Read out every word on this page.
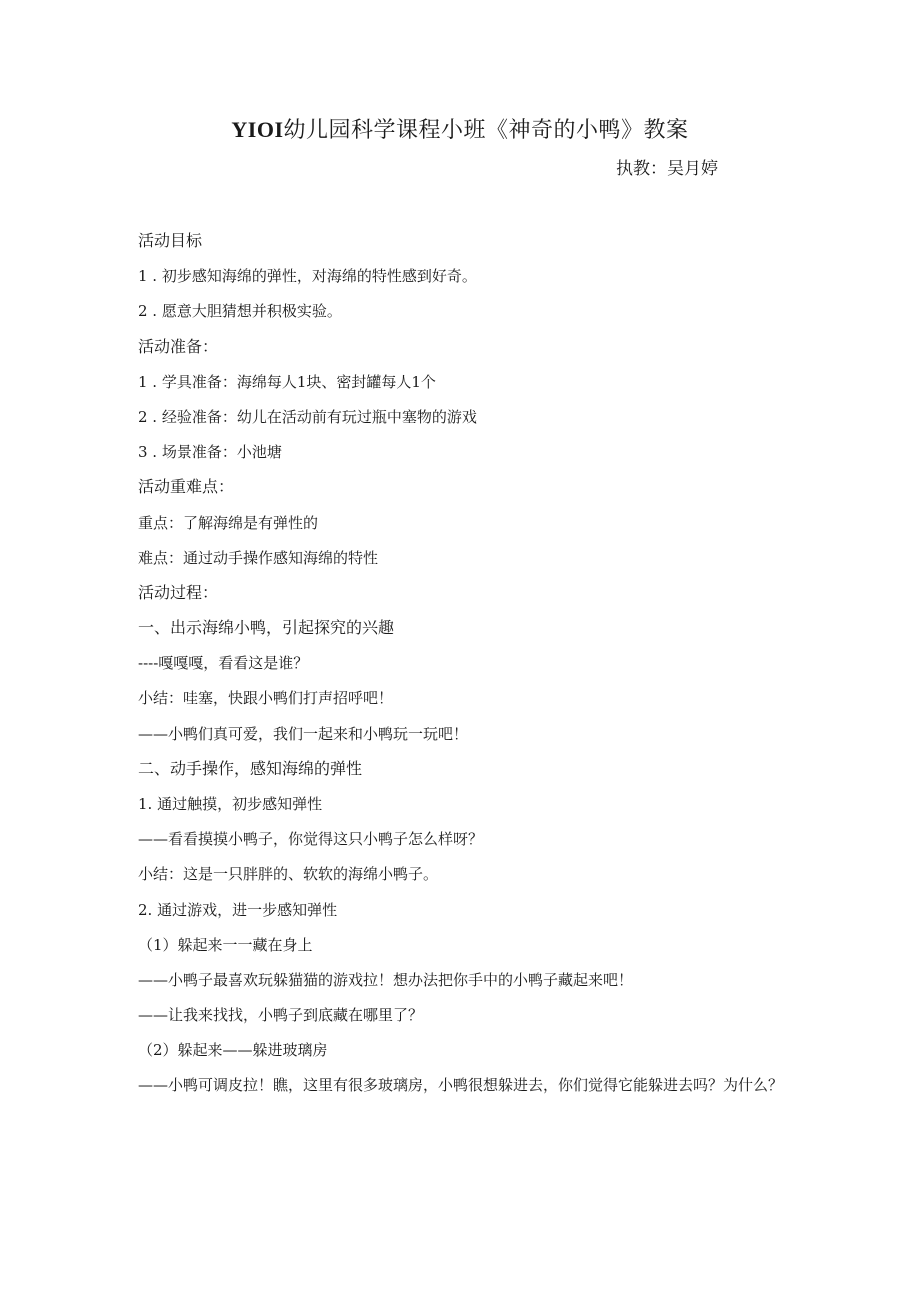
YIOI幼儿园科学课程小班《神奇的小鸭》教案

执教：吴月婷

活动目标

1 . 初步感知海绵的弹性，对海绵的特性感到好奇。

2 . 愿意大胆猜想并积极实验。

活动准备：

1 . 学具准备：海绵每人1块、密封罐每人1个

2 . 经验准备：幼儿在活动前有玩过瓶中塞物的游戏

3 . 场景准备：小池塘

活动重难点：

重点：了解海绵是有弹性的

难点：通过动手操作感知海绵的特性

活动过程：

一、出示海绵小鸭，引起探究的兴趣

----嘎嘎嘎，看看这是谁？

小结：哇塞，快跟小鸭们打声招呼吧！

——小鸭们真可爱，我们一起来和小鸭玩一玩吧！

二、动手操作，感知海绵的弹性

1. 通过触摸，初步感知弹性

——看看摸摸小鸭子，你觉得这只小鸭子怎么样呀？

小结：这是一只胖胖的、软软的海绵小鸭子。

2. 通过游戏，进一步感知弹性

（1）躲起来一一藏在身上

——小鸭子最喜欢玩躲猫猫的游戏拉！想办法把你手中的小鸭子藏起来吧！

——让我来找找，小鸭子到底藏在哪里了？

（2）躲起来——躲进玻璃房

——小鸭可调皮拉！瞧，这里有很多玻璃房，小鸭很想躲进去，你们觉得它能躲进去吗？为什么？
